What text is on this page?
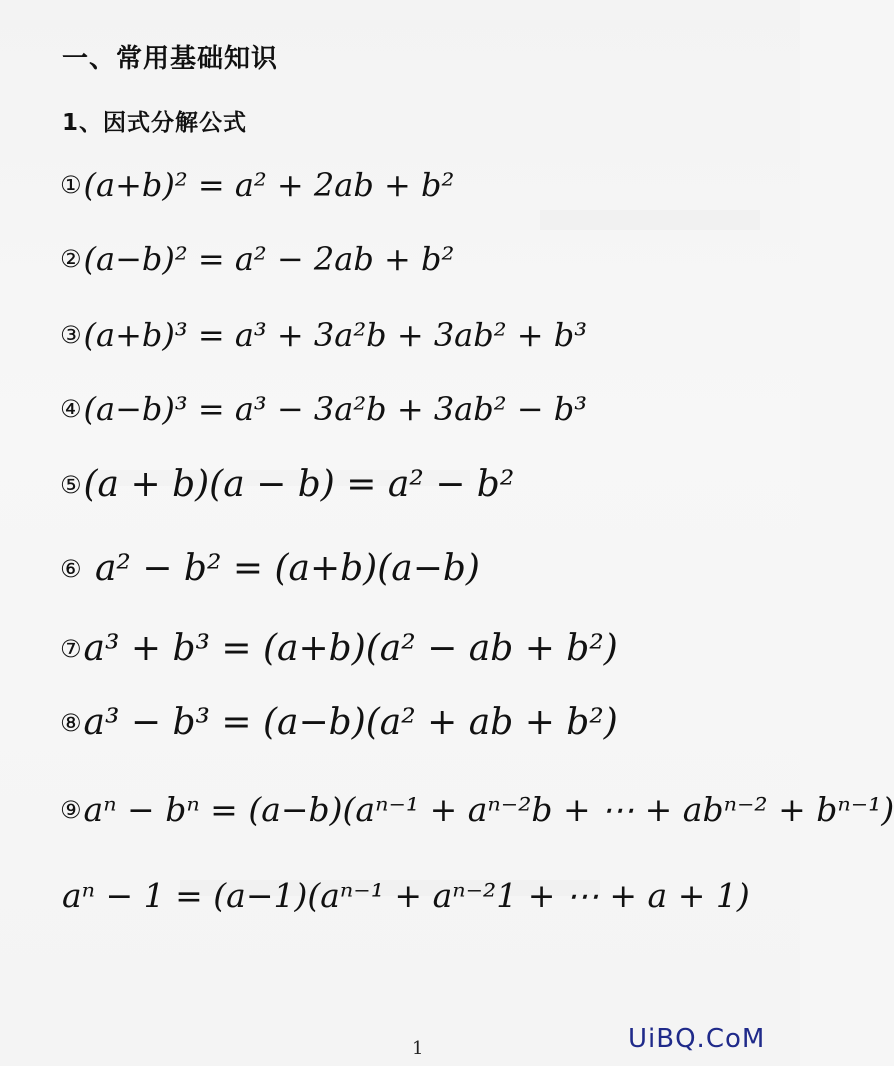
一、常用基础知识
1、因式分解公式
①(a+b)² = a² + 2ab + b²
②(a−b)² = a² − 2ab + b²
③(a+b)³ = a³ + 3a²b + 3ab² + b³
④(a−b)³ = a³ − 3a²b + 3ab² − b³
⑤(a + b)(a − b) = a² − b²
⑥ a² − b² = (a+b)(a−b)
⑦a³ + b³ = (a+b)(a² − ab + b²)
⑧a³ − b³ = (a−b)(a² + ab + b²)
⑨aⁿ − bⁿ = (a−b)(aⁿ⁻¹ + aⁿ⁻²b + ⋯ + abⁿ⁻² + bⁿ⁻¹)
aⁿ − 1 = (a−1)(aⁿ⁻¹ + aⁿ⁻²1 + ⋯ + a + 1)
1	UiBQ.CoM
